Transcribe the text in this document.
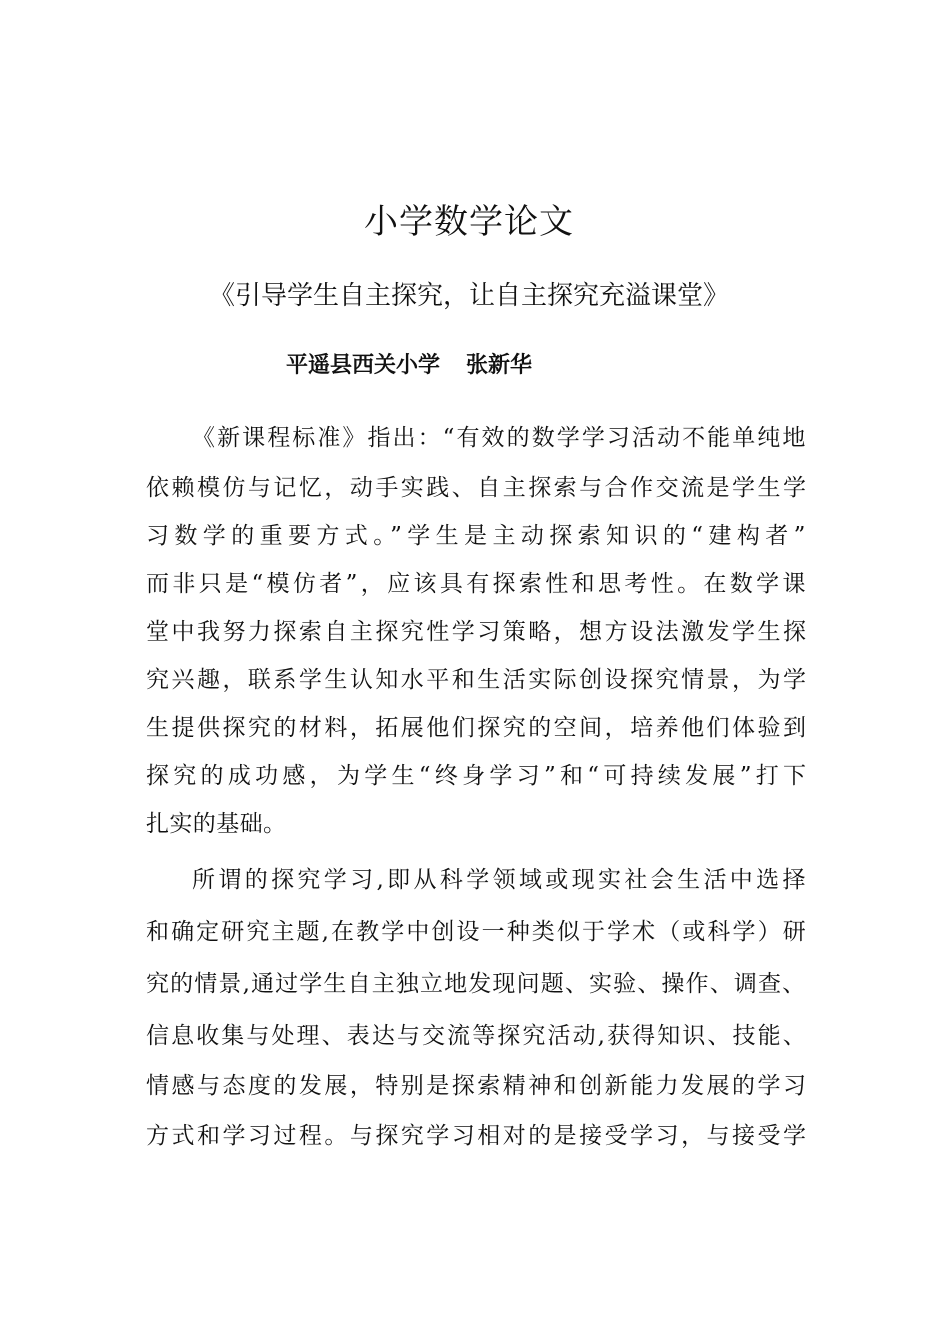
小学数学论文
《引导学生自主探究，让自主探究充溢课堂》
平遥县西关小学 张新华
《新课程标准》指出：“有效的数学学习活动不能单纯地
依赖模仿与记忆，动手实践、自主探索与合作交流是学生学
习数学的重要方式。”学生是主动探索知识的“建构者”
而非只是“模仿者”，应该具有探索性和思考性。在数学课
堂中我努力探索自主探究性学习策略，想方设法激发学生探
究兴趣，联系学生认知水平和生活实际创设探究情景，为学
生提供探究的材料，拓展他们探究的空间，培养他们体验到
探究的成功感，为学生“终身学习”和“可持续发展”打下
扎实的基础。
所谓的探究学习,即从科学领域或现实社会生活中选择
和确定研究主题,在教学中创设一种类似于学术（或科学）研
究的情景,通过学生自主独立地发现问题、实验、操作、调查、
信息收集与处理、表达与交流等探究活动,获得知识、技能、
情感与态度的发展，特别是探索精神和创新能力发展的学习
方式和学习过程。与探究学习相对的是接受学习，与接受学
